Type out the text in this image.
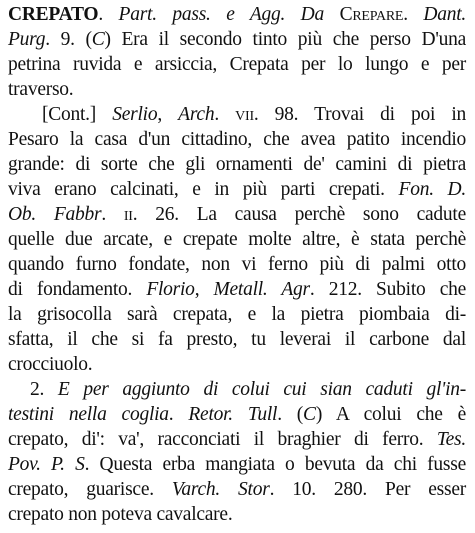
CREPATO. Part. pass. e Agg. Da Crepare. Dant.
Purg. 9. (C) Era il secondo tinto più che perso D'una
petrina ruvida e arsiccia, Crepata per lo lungo e per
traverso.
[Cont.] Serlio, Arch. vii. 98. Trovai di poi in
Pesaro la casa d'un cittadino, che avea patito incendio
grande: di sorte che gli ornamenti de' camini di pietra
viva erano calcinati, e in più parti crepati. Fon. D.
Ob. Fabbr. ii. 26. La causa perchè sono cadute
quelle due arcate, e crepate molte altre, è stata perchè
quando furno fondate, non vi ferno più di palmi otto
di fondamento. Florio, Metall. Agr. 212. Subito che
la grisocolla sarà crepata, e la pietra piombaia di-
sfatta, il che si fa presto, tu leverai il carbone dal
crocciuolo.
2. E per aggiunto di colui cui sian caduti gl'in-
testini nella coglia. Retor. Tull. (C) A colui che è
crepato, di': va', racconciati il braghier di ferro. Tes.
Pov. P. S. Questa erba mangiata o bevuta da chi fusse
crepato, guarisce. Varch. Stor. 10. 280. Per esser
crepato non poteva cavalcare.
